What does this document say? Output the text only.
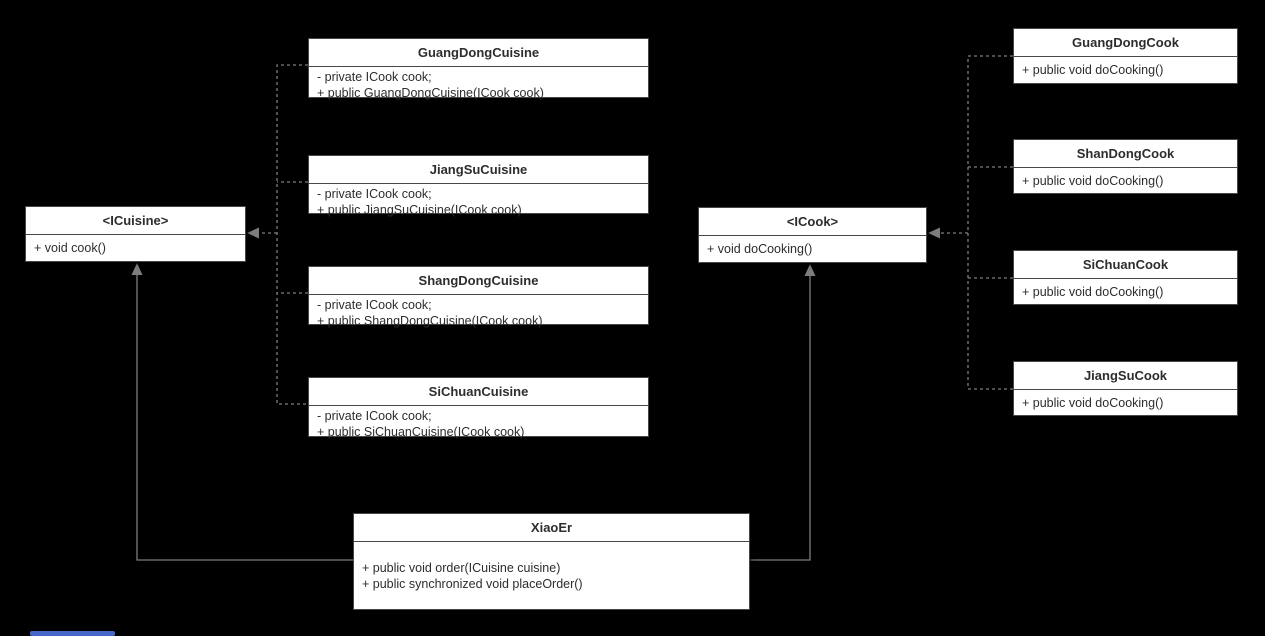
<ICuisine>
+ void cook()
GuangDongCuisine
- private ICook cook;
+ public GuangDongCuisine(ICook cook)
JiangSuCuisine
- private ICook cook;
+ public JiangSuCuisine(ICook cook)
ShangDongCuisine
- private ICook cook;
+ public ShangDongCuisine(ICook cook)
SiChuanCuisine
- private ICook cook;
+ public SiChuanCuisine(ICook cook)
<ICook>
+ void doCooking()
GuangDongCook
+ public void doCooking()
ShanDongCook
+ public void doCooking()
SiChuanCook
+ public void doCooking()
JiangSuCook
+ public void doCooking()
XiaoEr
+ public void order(ICuisine cuisine)
+ public synchronized void placeOrder()
